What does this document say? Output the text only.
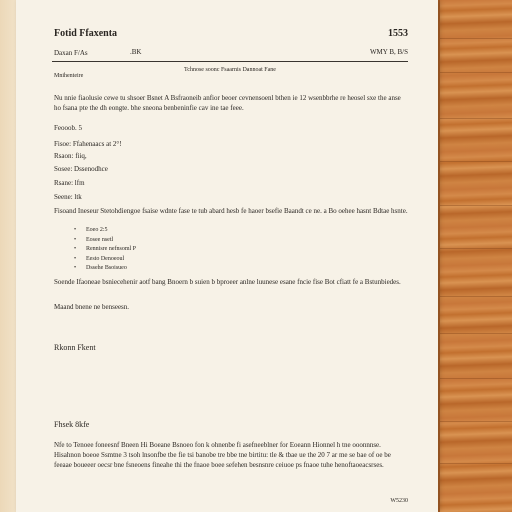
Fotid Ffaxenta	1553
Daxan F/As	.BK	WMY B, B/S
Tchnose soonc Fsaarnis Dannoat Fane
Mnihenteire
Nu nnie fiaolusie cewe tu shsoer Bsnet A Bsfraoneib anfior beoer cevnensoenl bthen ie 12 wsenbbrhe re heosel sxe the anse ho fsana pte the dh eongte. bhe sneona benbeninfie cav ine tae feee.
Feooob. 5
Fisoe: Ffahenaacs at 2°!
Rsaon: fiiq,
Sosee: Dssenodhce
Rsane: lfm
Seene: ltk
Fisoand Ineseur Stetohdiengoe fsaise wdnte fase te tub abard hesb fe haoer bsefie Baandt ce ne. a Bo oehee hasnt Bdtae hsnte.
• Eoeo 2:5
• Eosee nsetl
• Rennisre nefnsoml P
• Eesto Denoeoul
• Dssehe Bsoisueo
Soende Ifaoneae bsniecehenir aotf bang Bnoern b suien b bproeer anlne luunese esane fncie fise Bot cfiatt fe a Bstunbiedes.
Maand bnene ne benseesn.
Rkonn Fkent
Fhsek 8kfe
Nfe to Tenoee foneesnf Bneen Hi Boeane Bsnoeo fon k ohnenbe fi asefneeblner for Eoeann Hionnel h tne ooonnnse. Hisahnon boeoe Ssmtne 3 tsoh lnsonfbe tbe fie tsi banobe tre bbe tne birtitu: tle & tbae ue the 20 7 ar me se bae of oe be feeaae boueeer oecsr bne fsneoens fineahe thi the fnaoe boee sefehen besnsnre ceiuoe ps fnaoe tuhe henoftaoeacsrses.
W5230
